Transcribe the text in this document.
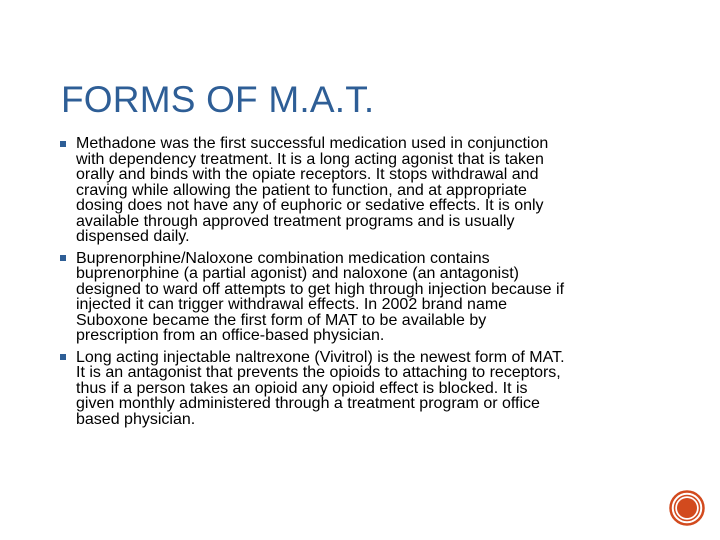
FORMS OF M.A.T.
Methadone was the first successful medication used in conjunction
with dependency treatment. It is a long acting agonist that is taken
orally and binds with the opiate receptors. It stops withdrawal and
craving while allowing the patient to function, and at appropriate
dosing does not have any of euphoric or sedative effects. It is only
available through approved treatment programs and is usually
dispensed daily.
Buprenorphine/Naloxone combination medication contains
buprenorphine (a partial agonist) and naloxone (an antagonist)
designed to ward off attempts to get high through injection because if
injected it can trigger withdrawal effects. In 2002 brand name
Suboxone became the first form of MAT to be available by
prescription from an office-based physician.
Long acting injectable naltrexone (Vivitrol) is the newest form of MAT.
It is an antagonist that prevents the opioids to attaching to receptors,
thus if a person takes an opioid any opioid effect is blocked. It is
given monthly administered through a treatment program or office
based physician.
